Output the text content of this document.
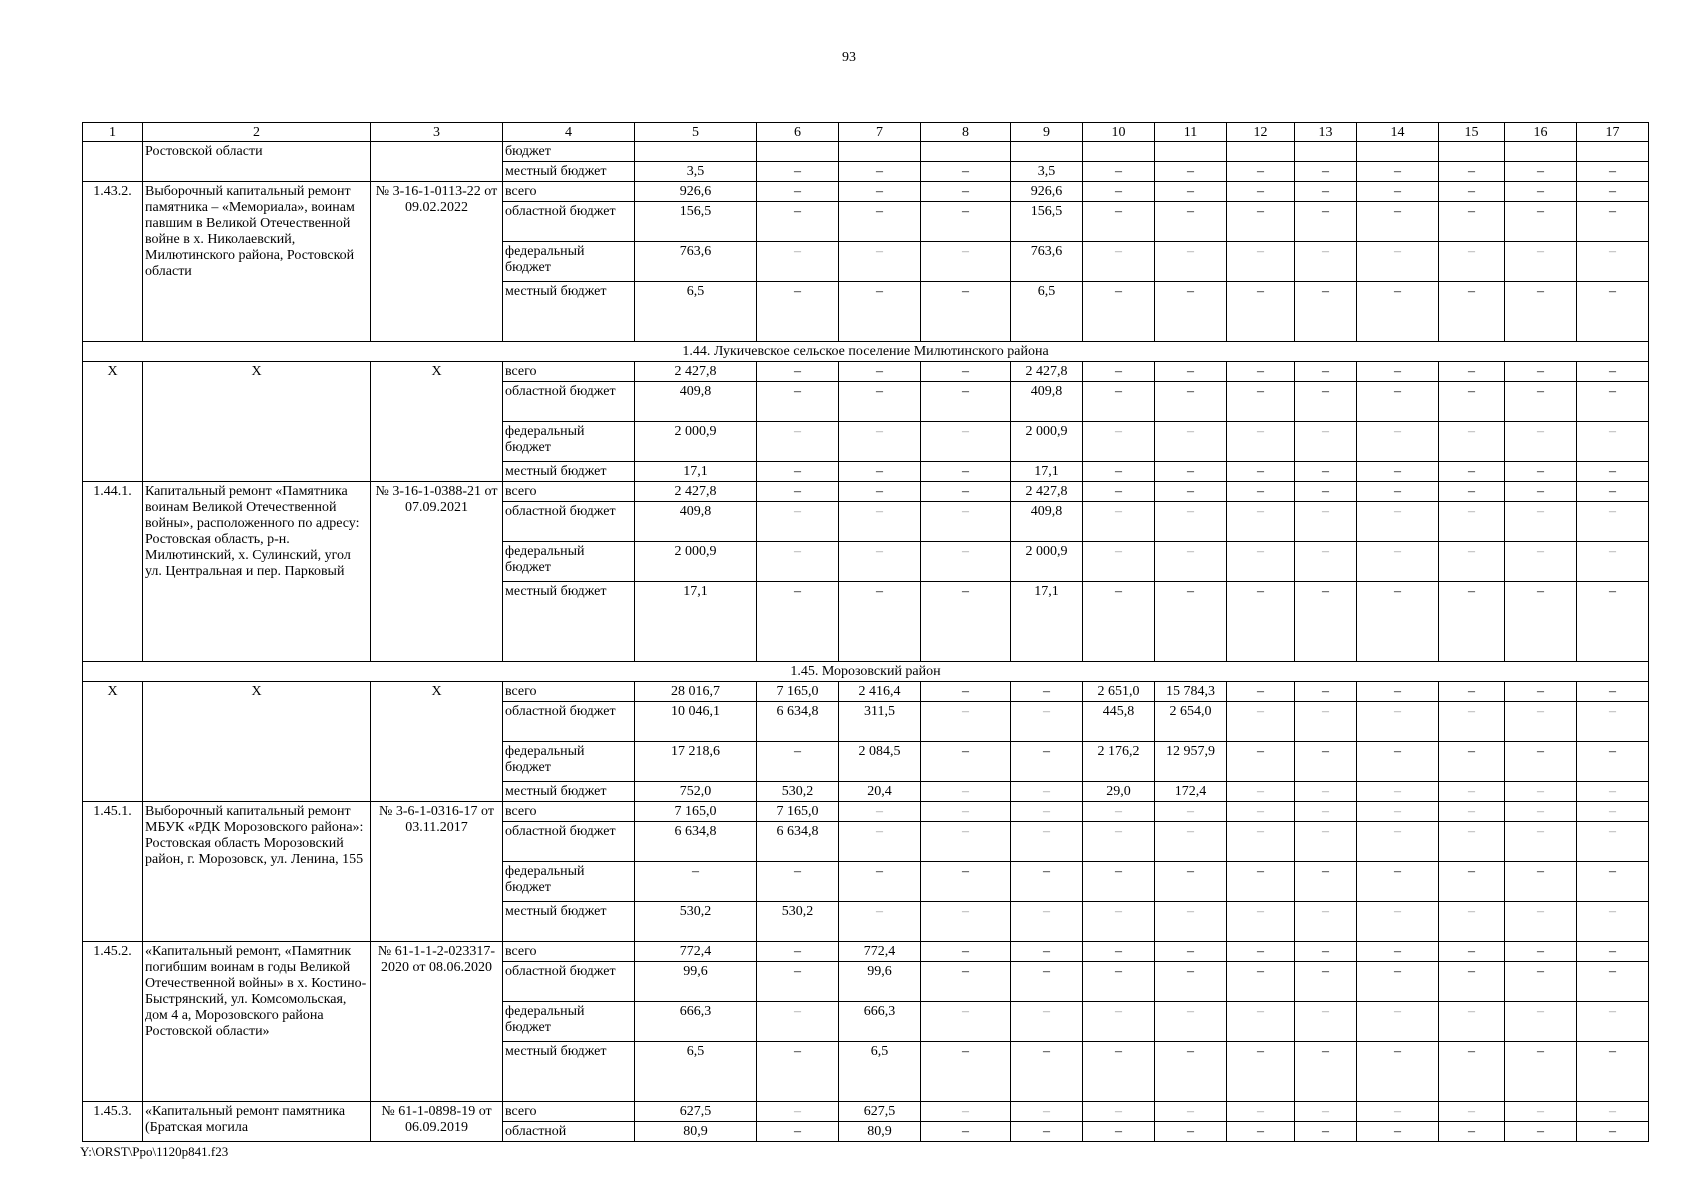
93
1	2	3	4	5	6	7	8	9	10	11	12	13	14	15	16	17
	Ростовской области		бюджет													
			местный бюджет	3,5	–	–	–	3,5	–	–	–	–	–	–	–	–
1.43.2.	Выборочный капитальный ремонт памятника – «Мемориала», воинам павшим в Великой Отечественной войне в х. Николаевский, Милютинского района, Ростовской области	№ 3-16-1-0113-22 от 09.02.2022	всего	926,6	–	–	–	926,6	–	–	–	–	–	–	–	–
			областной бюджет	156,5	–	–	–	156,5	–	–	–	–	–	–	–	–
			федеральный бюджет	763,6	–	–	–	763,6	–	–	–	–	–	–	–	–
			местный бюджет	6,5	–	–	–	6,5	–	–	–	–	–	–	–	–
1.44. Лукичевское сельское поселение Милютинского района																
X	X	X	всего	2 427,8	–	–	–	2 427,8	–	–	–	–	–	–	–	–
			областной бюджет	409,8	–	–	–	409,8	–	–	–	–	–	–	–	–
			федеральный бюджет	2 000,9	–	–	–	2 000,9	–	–	–	–	–	–	–	–
			местный бюджет	17,1	–	–	–	17,1	–	–	–	–	–	–	–	–
1.44.1.	Капитальный ремонт «Памятника воинам Великой Отечественной войны», расположенного по адресу: Ростовская область, р-н. Милютинский, х. Сулинский, угол ул. Центральная и пер. Парковый	№ 3-16-1-0388-21 от 07.09.2021	всего	2 427,8	–	–	–	2 427,8	–	–	–	–	–	–	–	–
			областной бюджет	409,8	–	–	–	409,8	–	–	–	–	–	–	–	–
			федеральный бюджет	2 000,9	–	–	–	2 000,9	–	–	–	–	–	–	–	–
			местный бюджет	17,1	–	–	–	17,1	–	–	–	–	–	–	–	–
1.45. Морозовский район																
X	X	X	всего	28 016,7	7 165,0	2 416,4	–	–	2 651,0	15 784,3	–	–	–	–	–	–
			областной бюджет	10 046,1	6 634,8	311,5	–	–	445,8	2 654,0	–	–	–	–	–	–
			федеральный бюджет	17 218,6	–	2 084,5	–	–	2 176,2	12 957,9	–	–	–	–	–	–
			местный бюджет	752,0	530,2	20,4	–	–	29,0	172,4	–	–	–	–	–	–
1.45.1.	Выборочный капитальный ремонт МБУК «РДК Морозовского района»: Ростовская область Морозовский район, г. Морозовск, ул. Ленина, 155	№ 3-6-1-0316-17 от 03.11.2017	всего	7 165,0	7 165,0	–	–	–	–	–	–	–	–	–	–	–
			областной бюджет	6 634,8	6 634,8	–	–	–	–	–	–	–	–	–	–	–
			федеральный бюджет	–	–	–	–	–	–	–	–	–	–	–	–	–
			местный бюджет	530,2	530,2	–	–	–	–	–	–	–	–	–	–	–
1.45.2.	«Капитальный ремонт, «Памятник погибшим воинам в годы Великой Отечественной войны» в х. Костино-Быстрянский, ул. Комсомольская, дом 4 а, Морозовского района Ростовской области»	№ 61-1-1-2-023317-2020 от 08.06.2020	всего	772,4	–	772,4	–	–	–	–	–	–	–	–	–	–
			областной бюджет	99,6	–	99,6	–	–	–	–	–	–	–	–	–	–
			федеральный бюджет	666,3	–	666,3	–	–	–	–	–	–	–	–	–	–
			местный бюджет	6,5	–	6,5	–	–	–	–	–	–	–	–	–	–
1.45.3.	«Капитальный ремонт памятника (Братская могила	№ 61-1-0898-19 от 06.09.2019	всего	627,5	–	627,5	–	–	–	–	–	–	–	–	–	–
			областной	80,9	–	80,9	–	–	–	–	–	–	–	–	–	–
Y:\ORST\Ppo\1120p841.f23
